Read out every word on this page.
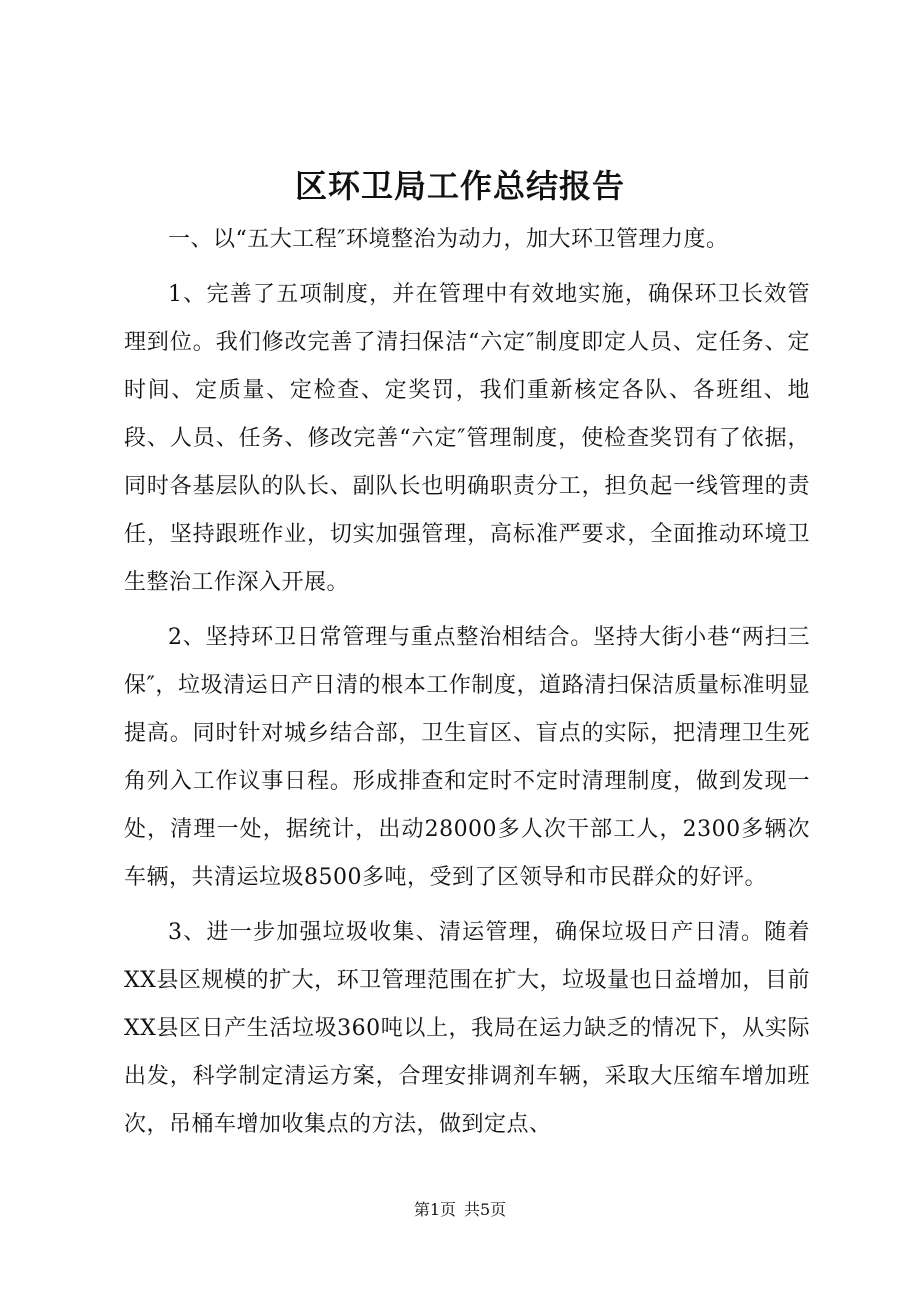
区环卫局工作总结报告

一、以“五大工程″环境整治为动力，加大环卫管理力度。

1、完善了五项制度，并在管理中有效地实施，确保环卫长效管理到位。我们修改完善了清扫保洁“六定″制度即定人员、定任务、定时间、定质量、定检查、定奖罚，我们重新核定各队、各班组、地段、人员、任务、修改完善“六定″管理制度，使检查奖罚有了依据，同时各基层队的队长、副队长也明确职责分工，担负起一线管理的责任，坚持跟班作业，切实加强管理，高标准严要求，全面推动环境卫生整治工作深入开展。

2、坚持环卫日常管理与重点整治相结合。坚持大街小巷“两扫三保″，垃圾清运日产日清的根本工作制度，道路清扫保洁质量标准明显提高。同时针对城乡结合部，卫生盲区、盲点的实际，把清理卫生死角列入工作议事日程。形成排查和定时不定时清理制度，做到发现一处，清理一处，据统计，出动28000多人次干部工人，2300多辆次车辆，共清运垃圾8500多吨，受到了区领导和市民群众的好评。

3、进一步加强垃圾收集、清运管理，确保垃圾日产日清。随着XX县区规模的扩大，环卫管理范围在扩大，垃圾量也日益增加，目前XX县区日产生活垃圾360吨以上，我局在运力缺乏的情况下，从实际出发，科学制定清运方案，合理安排调剂车辆，采取大压缩车增加班次，吊桶车增加收集点的方法，做到定点、

第1页 共5页
